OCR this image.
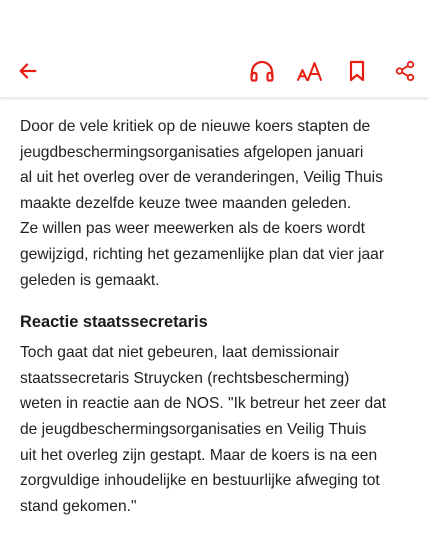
Door de vele kritiek op de nieuwe koers stapten de
jeugdbeschermingsorganisaties afgelopen januari
al uit het overleg over de veranderingen, Veilig Thuis
maakte dezelfde keuze twee maanden geleden.

Ze willen pas weer meewerken als de koers wordt
gewijzigd, richting het gezamenlijke plan dat vier jaar
geleden is gemaakt.

Reactie staatssecretaris

Toch gaat dat niet gebeuren, laat demissionair
staatssecretaris Struycken (rechtsbescherming)
weten in reactie aan de NOS. "Ik betreur het zeer dat
de jeugdbeschermingsorganisaties en Veilig Thuis
uit het overleg zijn gestapt. Maar de koers is na een
zorgvuldige inhoudelijke en bestuurlijke afweging tot
stand gekomen."
